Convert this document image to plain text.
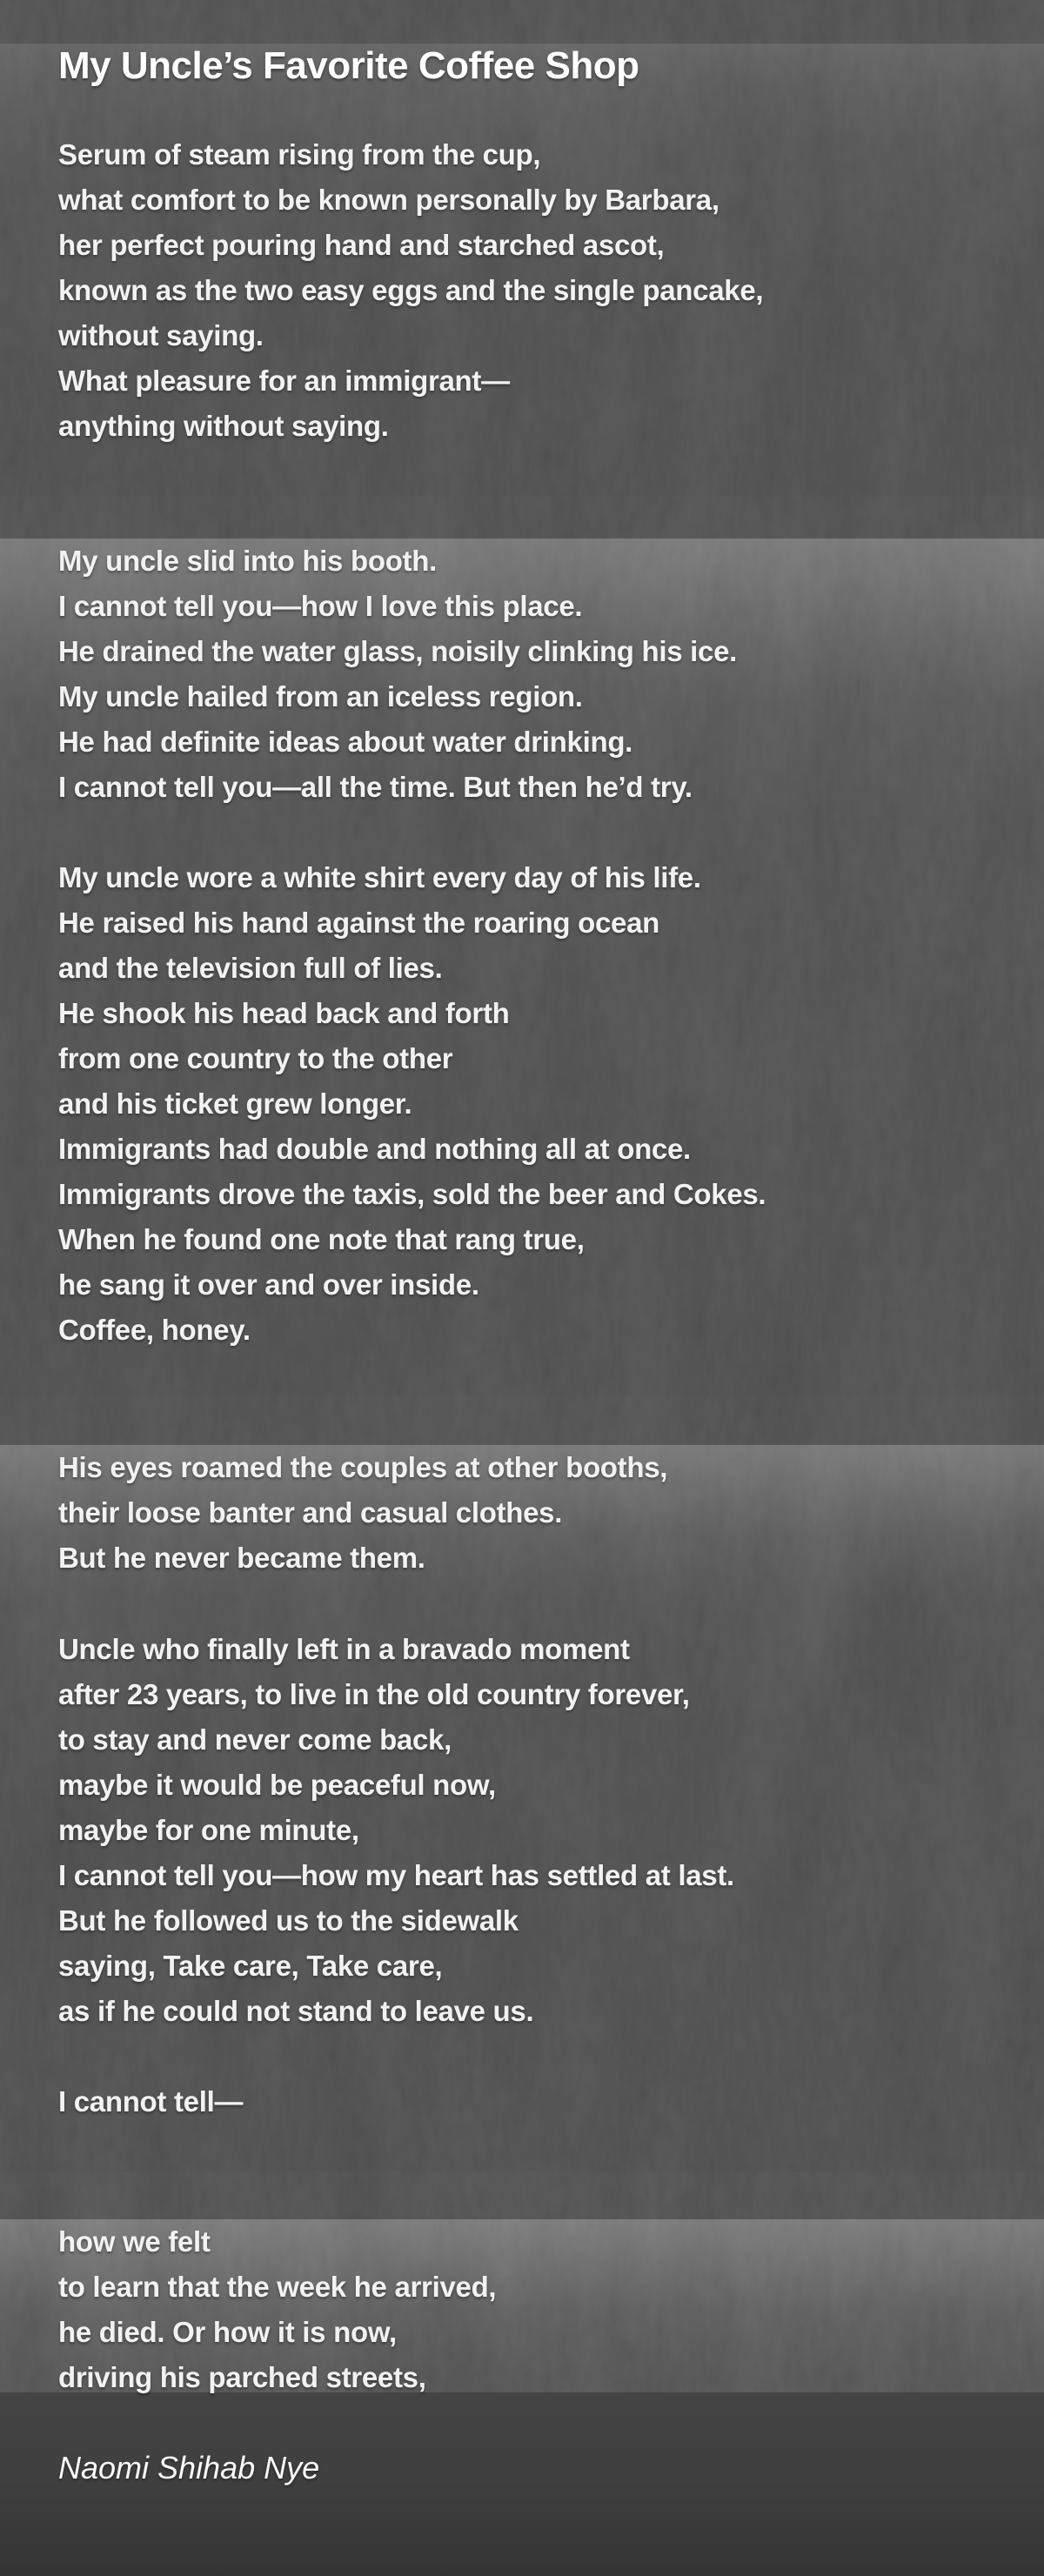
My Uncle’s Favorite Coffee Shop
Serum of steam rising from the cup,
what comfort to be known personally by Barbara,
her perfect pouring hand and starched ascot,
known as the two easy eggs and the single pancake,
without saying.
What pleasure for an immigrant—
anything without saying.
My uncle slid into his booth.
I cannot tell you—how I love this place.
He drained the water glass, noisily clinking his ice.
My uncle hailed from an iceless region.
He had definite ideas about water drinking.
I cannot tell you—all the time. But then he’d try.
My uncle wore a white shirt every day of his life.
He raised his hand against the roaring ocean
and the television full of lies.
He shook his head back and forth
from one country to the other
and his ticket grew longer.
Immigrants had double and nothing all at once.
Immigrants drove the taxis, sold the beer and Cokes.
When he found one note that rang true,
he sang it over and over inside.
Coffee, honey.
His eyes roamed the couples at other booths,
their loose banter and casual clothes.
But he never became them.
Uncle who finally left in a bravado moment
after 23 years, to live in the old country forever,
to stay and never come back,
maybe it would be peaceful now,
maybe for one minute,
I cannot tell you—how my heart has settled at last.
But he followed us to the sidewalk
saying, Take care, Take care,
as if he could not stand to leave us.
I cannot tell—
how we felt
to learn that the week he arrived,
he died. Or how it is now,
driving his parched streets,
Naomi Shihab Nye
